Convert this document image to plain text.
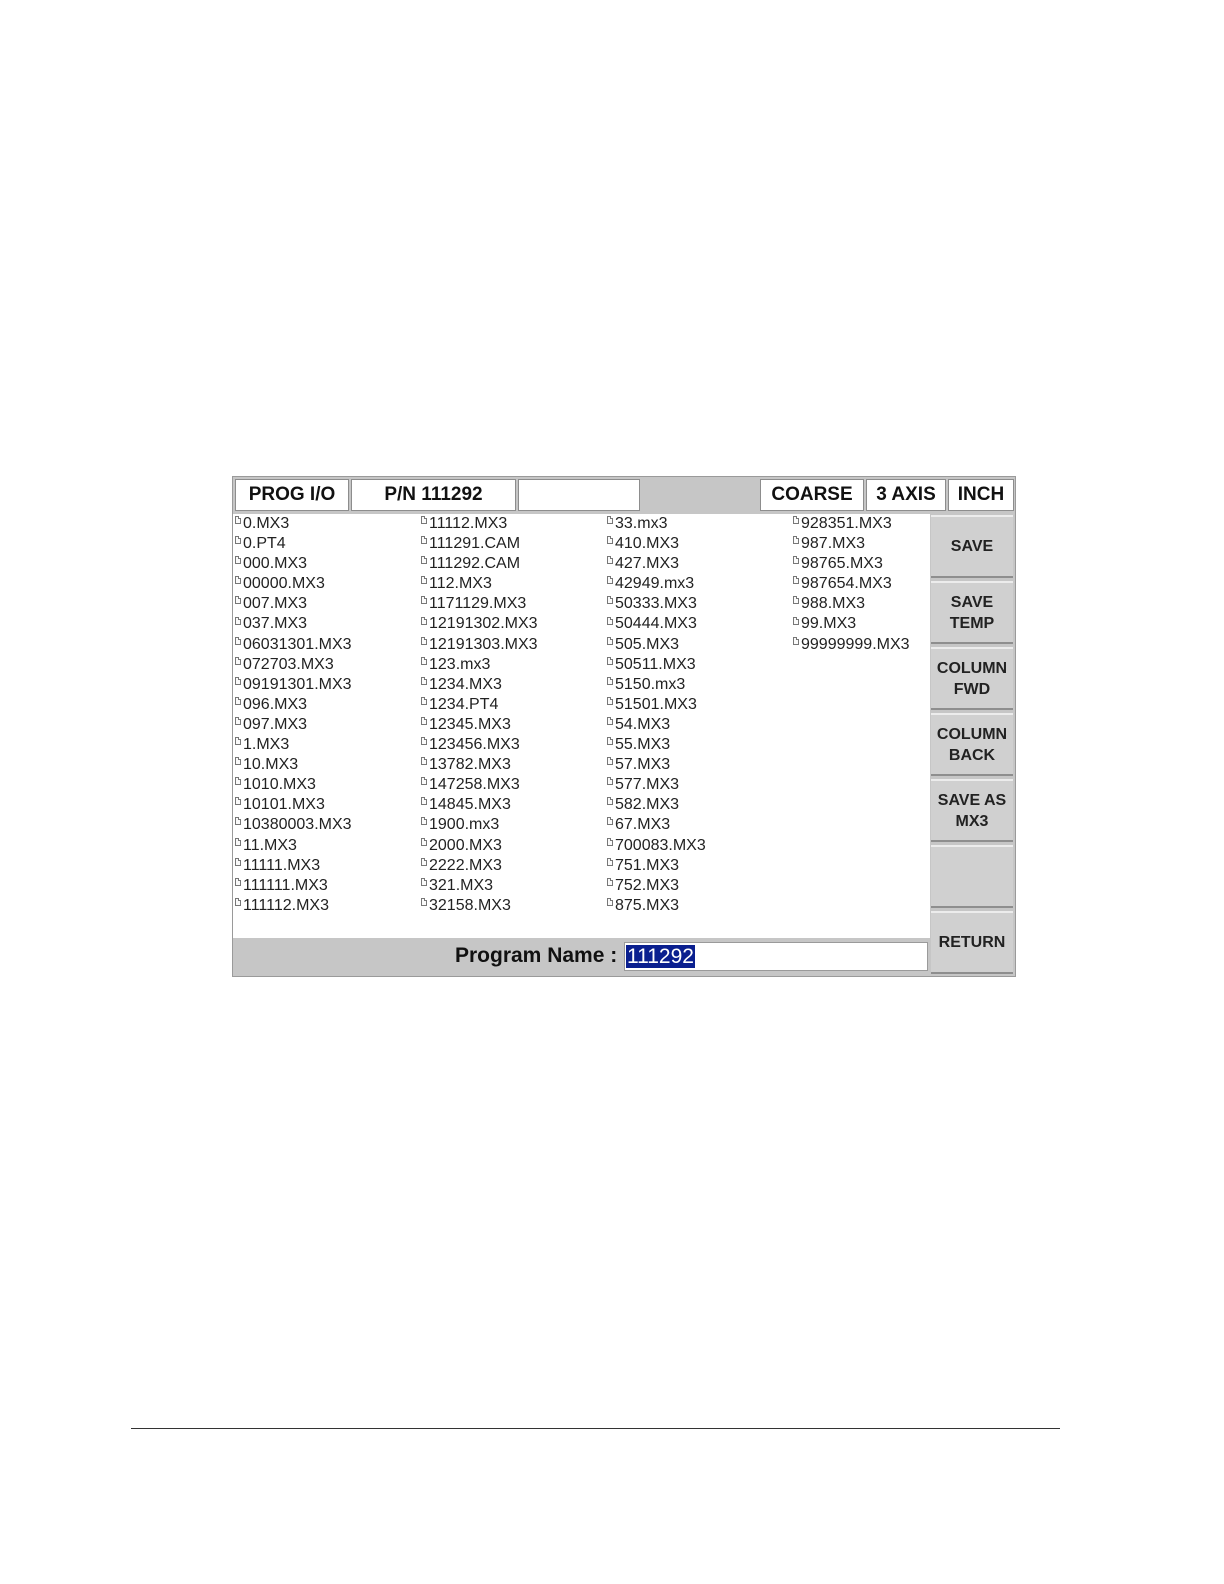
PROG I/O	P/N 111292	COARSE	3 AXIS	INCH
0.MX3
0.PT4
000.MX3
00000.MX3
007.MX3
037.MX3
06031301.MX3
072703.MX3
09191301.MX3
096.MX3
097.MX3
1.MX3
10.MX3
1010.MX3
10101.MX3
10380003.MX3
11.MX3
11111.MX3
111111.MX3
111112.MX3
11112.MX3
111291.CAM
111292.CAM
112.MX3
1171129.MX3
12191302.MX3
12191303.MX3
123.mx3
1234.MX3
1234.PT4
12345.MX3
123456.MX3
13782.MX3
147258.MX3
14845.MX3
1900.mx3
2000.MX3
2222.MX3
321.MX3
32158.MX3
33.mx3
410.MX3
427.MX3
42949.mx3
50333.MX3
50444.MX3
505.MX3
50511.MX3
5150.mx3
51501.MX3
54.MX3
55.MX3
57.MX3
577.MX3
582.MX3
67.MX3
700083.MX3
751.MX3
752.MX3
875.MX3
928351.MX3
987.MX3
98765.MX3
987654.MX3
988.MX3
99.MX3
99999999.MX3
SAVE
SAVE
TEMP
COLUMN
FWD
COLUMN
BACK
SAVE AS
MX3
RETURN
Program Name : 111292
